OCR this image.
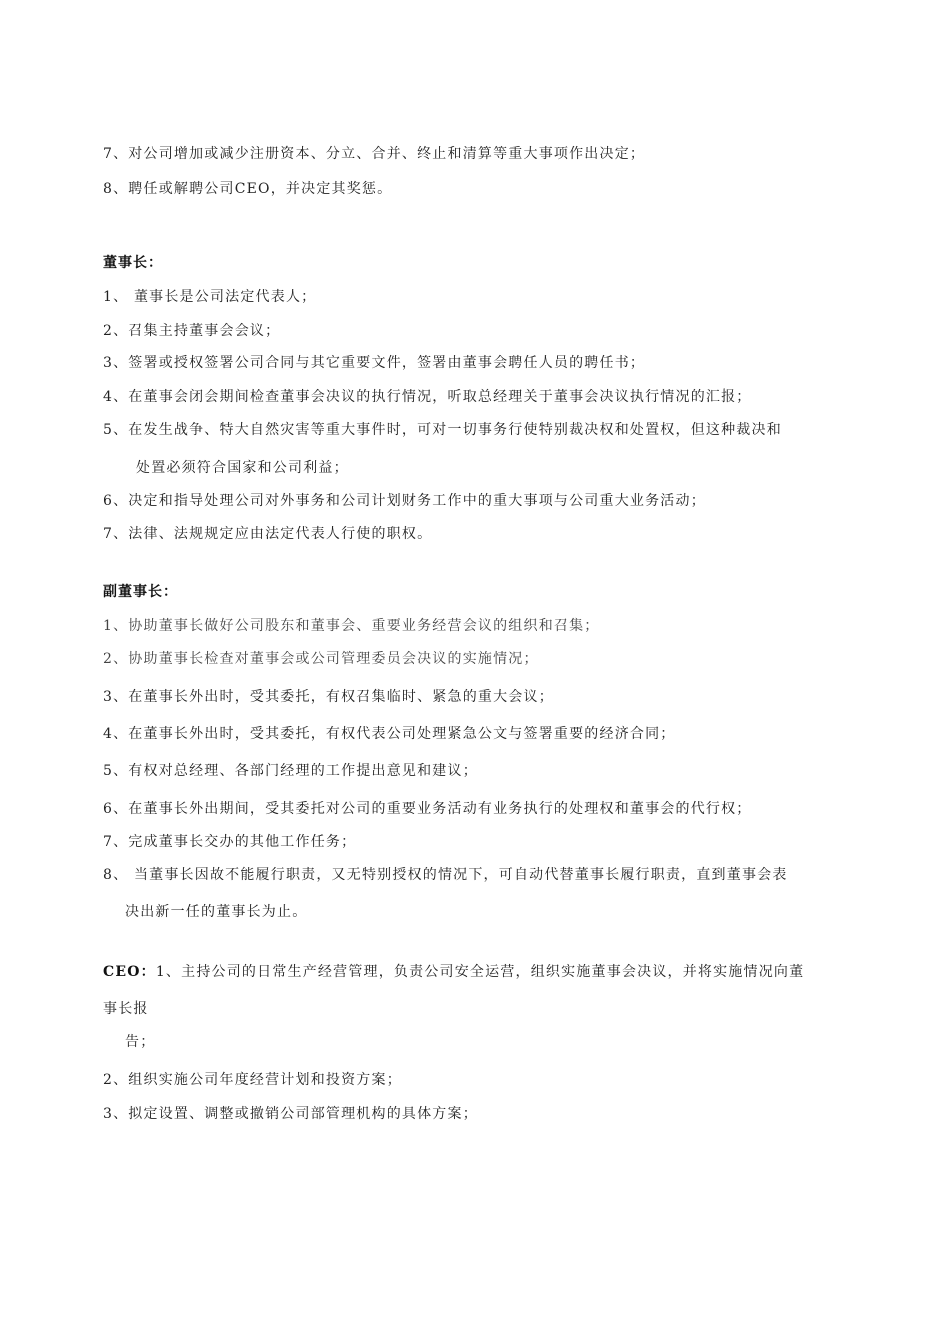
7、对公司增加或减少注册资本、分立、合并、终止和清算等重大事项作出决定；
8、聘任或解聘公司CEO，并决定其奖惩。
董事长：
1、 董事长是公司法定代表人；
2、召集主持董事会会议；
3、签署或授权签署公司合同与其它重要文件，签署由董事会聘任人员的聘任书；
4、在董事会闭会期间检查董事会决议的执行情况，听取总经理关于董事会决议执行情况的汇报；
5、在发生战争、特大自然灾害等重大事件时，可对一切事务行使特别裁决权和处置权，但这种裁决和
处置必须符合国家和公司利益；
6、决定和指导处理公司对外事务和公司计划财务工作中的重大事项与公司重大业务活动；
7、法律、法规规定应由法定代表人行使的职权。
副董事长：
1、协助董事长做好公司股东和董事会、重要业务经营会议的组织和召集；
2、协助董事长检查对董事会或公司管理委员会决议的实施情况；
3、在董事长外出时，受其委托，有权召集临时、紧急的重大会议；
4、在董事长外出时，受其委托，有权代表公司处理紧急公文与签署重要的经济合同；
5、有权对总经理、各部门经理的工作提出意见和建议；
6、在董事长外出期间，受其委托对公司的重要业务活动有业务执行的处理权和董事会的代行权；
7、完成董事长交办的其他工作任务；
8、 当董事长因故不能履行职责，又无特别授权的情况下，可自动代替董事长履行职责，直到董事会表
决出新一任的董事长为止。
CEO：1、主持公司的日常生产经营管理，负责公司安全运营，组织实施董事会决议，并将实施情况向董
事长报
告；
2、组织实施公司年度经营计划和投资方案；
3、拟定设置、调整或撤销公司部管理机构的具体方案；
